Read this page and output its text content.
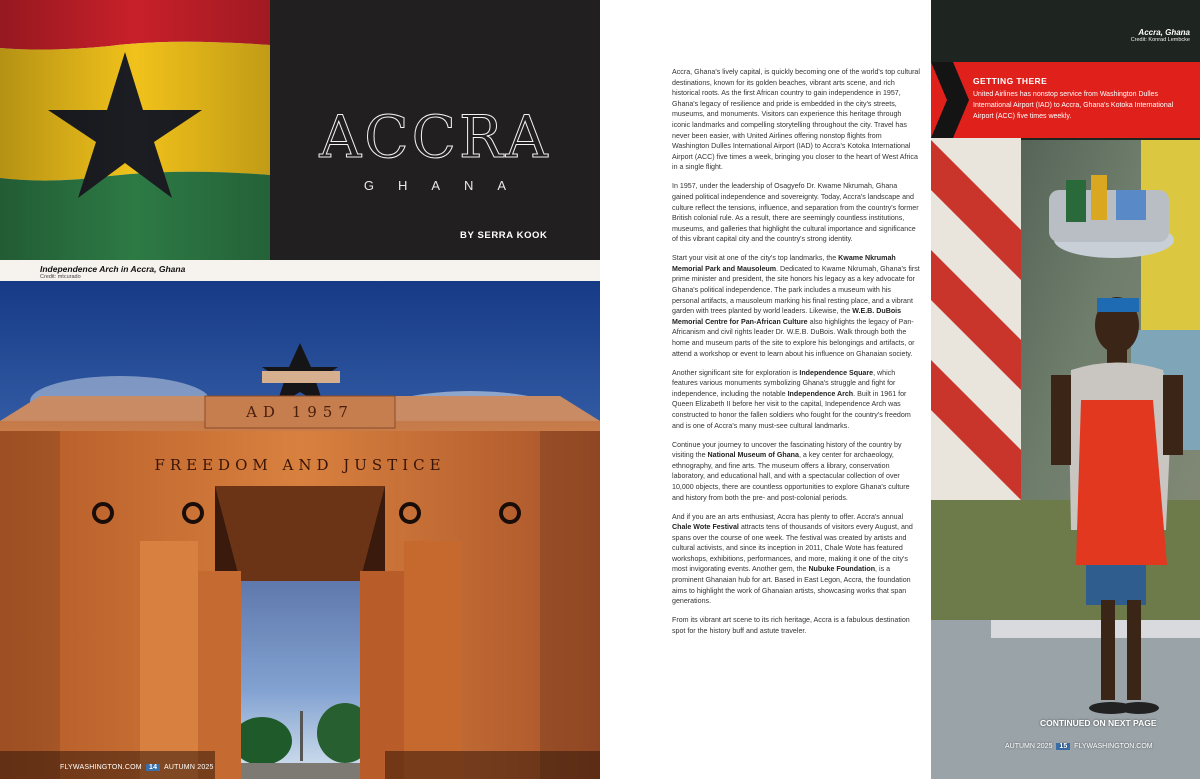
ACCRA
GHANA
BY SERRA KOOK
Independence Arch in Accra, Ghana
Credit: mtcurado
AD 1957
FREEDOM AND JUSTICE
FLYWASHINGTON.COM 14 AUTUMN 2025

Accra, Ghana's lively capital, is quickly becoming one of the world's top cultural destinations, known for its golden beaches, vibrant arts scene, and rich historical roots. As the first African country to gain independence in 1957, Ghana's legacy of resilience and pride is embedded in the city's streets, museums, and monuments. Visitors can experience this heritage through iconic landmarks and compelling storytelling throughout the city. Travel has never been easier, with United Airlines offering nonstop flights from Washington Dulles International Airport (IAD) to Accra's Kotoka International Airport (ACC) five times a week, bringing you closer to the heart of West Africa in a single flight.

In 1957, under the leadership of Osagyefo Dr. Kwame Nkrumah, Ghana gained political independence and sovereignty. Today, Accra's landscape and culture reflect the tensions, influence, and separation from the country's former British colonial rule. As a result, there are seemingly countless institutions, museums, and galleries that highlight the cultural importance and significance of this vibrant capital city and the country's strong identity.

Start your visit at one of the city's top landmarks, the Kwame Nkrumah Memorial Park and Mausoleum. Dedicated to Kwame Nkrumah, Ghana's first prime minister and president, the site honors his legacy as a key advocate for Ghana's political independence. The park includes a museum with his personal artifacts, a mausoleum marking his final resting place, and a vibrant garden with trees planted by world leaders. Likewise, the W.E.B. DuBois Memorial Centre for Pan-African Culture also highlights the legacy of Pan-Africanism and civil rights leader Dr. W.E.B. DuBois. Walk through both the home and museum parts of the site to explore his belongings and artifacts, or attend a workshop or event to learn about his influence on Ghanaian society.

Another significant site for exploration is Independence Square, which features various monuments symbolizing Ghana's struggle and fight for independence, including the notable Independence Arch. Built in 1961 for Queen Elizabeth II before her visit to the capital, Independence Arch was constructed to honor the fallen soldiers who fought for the country's freedom and is one of Accra's many must-see cultural landmarks.

Continue your journey to uncover the fascinating history of the country by visiting the National Museum of Ghana, a key center for archaeology, ethnography, and fine arts. The museum offers a library, conservation laboratory, and educational hall, and with a spectacular collection of over 10,000 objects, there are countless opportunities to explore Ghana's culture and history from both the pre- and post-colonial periods.

And if you are an arts enthusiast, Accra has plenty to offer. Accra's annual Chale Wote Festival attracts tens of thousands of visitors every August, and spans over the course of one week. The festival was created by artists and cultural activists, and since its inception in 2011, Chale Wote has featured workshops, exhibitions, performances, and more, making it one of the city's most invigorating events. Another gem, the Nubuke Foundation, is a prominent Ghanaian hub for art. Based in East Legon, Accra, the foundation aims to highlight the work of Ghanaian artists, showcasing works that span generations.

From its vibrant art scene to its rich heritage, Accra is a fabulous destination spot for the history buff and astute traveler.

Accra, Ghana
Credit: Konrad Lembcke
GETTING THERE
United Airlines has nonstop service from Washington Dulles International Airport (IAD) to Accra, Ghana's Kotoka International Airport (ACC) five times weekly.
CONTINUED ON NEXT PAGE
AUTUMN 2025 15 FLYWASHINGTON.COM
